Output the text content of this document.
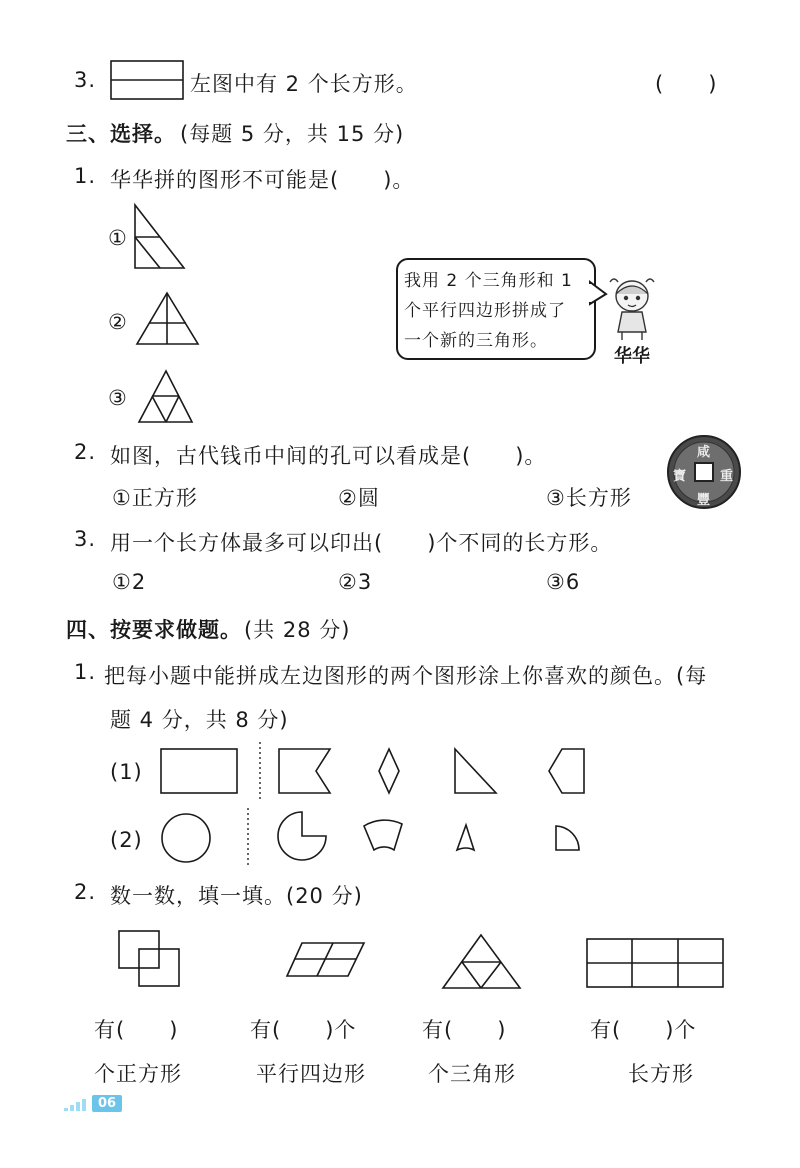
3.	左图中有 2 个长方形。	(　　)
三、选择。 (每题 5 分，共 15 分)
1. 华华拼的图形不可能是(　　)。
①
②
③
我用 2 个三角形和 1
个平行四边形拼成了
一个新的三角形。
华华
2. 如图，古代钱币中间的孔可以看成是(　　)。
①正方形	②圆	③长方形
咸
豐
重
寶
3. 用一个长方体最多可以印出(　　)个不同的长方形。
①2	②3	③6
四、按要求做题。 (共 28 分)
1. 把每小题中能拼成左边图形的两个图形涂上你喜欢的颜色。(每
题 4 分，共 8 分)
(1)
(2)
2. 数一数，填一填。(20 分)
有(　　)	有(　　)个	有(　　)	有(　　)个
个正方形	平行四边形	个三角形	长方形
06
